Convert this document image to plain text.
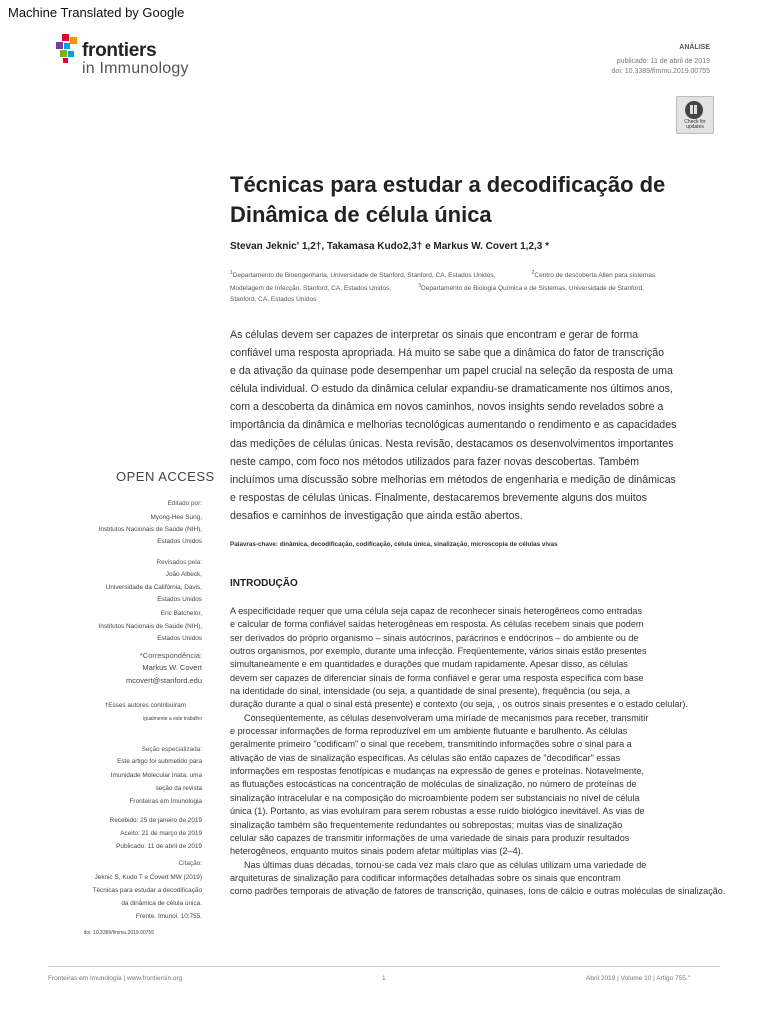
Machine Translated by Google
frontiers
in Immunology
ANÁLISE
publicado: 11 de abril de 2019
doi: 10.3389/fimmu.2019.00755
Check for
updates
Técnicas para estudar a decodificação de
Dinâmica de célula única
Stevan Jeknic' 1,2†, Takamasa Kudo2,3† e Markus W. Covert 1,2,3 *
$^1$Departamento de Bioengenharia, Universidade de Stanford, Stanford, CA, Estados Unidos,	$^2$Centro de descoberta Allen para sistemas
Modelagem de Infecção, Stanford, CA, Estados Unidos,	$^3$Departamento de Biologia Química e de Sistemas, Universidade de Stanford,
Stanford, CA, Estados Unidos
As células devem ser capazes de interpretar os sinais que encontram e gerar de forma
confiável uma resposta apropriada. Há muito se sabe que a dinâmica do fator de transcrição
e da ativação da quinase pode desempenhar um papel crucial na seleção da resposta de uma
célula individual. O estudo da dinâmica celular expandiu-se dramaticamente nos últimos anos,
com a descoberta da dinâmica em novos caminhos, novos insights sendo revelados sobre a
importância da dinâmica e melhorias tecnológicas aumentando o rendimento e as capacidades
das medições de células únicas. Nesta revisão, destacamos os desenvolvimentos importantes
neste campo, com foco nos métodos utilizados para fazer novas descobertas. Também
incluímos uma discussão sobre melhorias em métodos de engenharia e medição de dinâmicas
e respostas de células únicas. Finalmente, destacaremos brevemente alguns dos muitos
desafios e caminhos de investigação que ainda estão abertos.
Palavras-chave: dinâmica, decodificação, codificação, célula única, sinalização, microscopia de células vivas
INTRODUÇÃO

A especificidade requer que uma célula seja capaz de reconhecer sinais heterogêneos como entradas

e calcular de forma confiável saídas heterogêneas em resposta. As células recebem sinais que podem

ser derivados do próprio organismo – sinais autócrinos, parácrinos e endócrinos – do ambiente ou de

outros organismos, por exemplo, durante uma infecção. Freqüentemente, vários sinais estão presentes

simultaneamente e em quantidades e durações que mudam rapidamente. Apesar disso, as células

devem ser capazes de diferenciar sinais de forma confiável e gerar uma resposta específica com base

na identidade do sinal, intensidade (ou seja, a quantidade de sinal presente), frequência (ou seja, a

duração durante a qual o sinal está presente) e contexto (ou seja, , os outros sinais presentes e o estado celular).

Conseqüentemente, as células desenvolveram uma miríade de mecanismos para receber, transmitir

e processar informações de forma reproduzível em um ambiente flutuante e barulhento. As células

geralmente primeiro "codificam" o sinal que recebem, transmitindo informações sobre o sinal para a

ativação de vias de sinalização específicas. As células são então capazes de "decodificar" essas

informações em respostas fenotípicas e mudanças na expressão de genes e proteínas. Notavelmente,

as flutuações estocásticas na concentração de moléculas de sinalização, no número de proteínas de

sinalização intracelular e na composição do microambiente podem ser substanciais no nível de célula

única (1). Portanto, as vias evoluíram para serem robustas a esse ruído biológico inevitável. As vias de

sinalização também são frequentemente redundantes ou sobrepostas; muitas vias de sinalização

celular são capazes de transmitir informações de uma variedade de sinais para produzir resultados

heterogêneos, enquanto muitos sinais podem afetar múltiplas vias (2–4).

Nas últimas duas décadas, tornou-se cada vez mais claro que as células utilizam uma variedade de

arquiteturas de sinalização para codificar informações detalhadas sobre os sinais que encontram

como padrões temporais de ativação de fatores de transcrição, quinases, íons de cálcio e outras moléculas de sinalização.

OPEN ACCESS
Editado por:
Myong-Hee Sung,
Institutos Nacionais de Saúde (NIH),
Estados Unidos
Revisados pela:
João Albeck,
Universidade da Califórnia, Davis,
Estados Unidos
Eric Batchelor,
Institutos Nacionais de Saúde (NIH),
Estados Unidos
*Correspondência:
Markus W. Covert
mcovert@stanford.edu
†Esses autores contribuíram
igualmente a este trabalho
Seção especializada:
Este artigo foi submetido para
Imunidade Molecular Inata, uma
seção da revista
Fronteiras em Imunologia
Recebido: 25 de janeiro de 2019
Aceito: 21 de março de 2019
Publicado: 11 de abril de 2019
Citação:
Jeknic S, Kudo T e Covert MW (2019)
Técnicas para estudar a decodificação
da dinâmica de célula única.
Frente. Imunol. 10:755.
doi: 10.3389/fimmu.2019.00755
Fronteiras em Imunologia | www.frontiersin.org	1	Abril 2019 | Volume 10 | Artigo 755."
